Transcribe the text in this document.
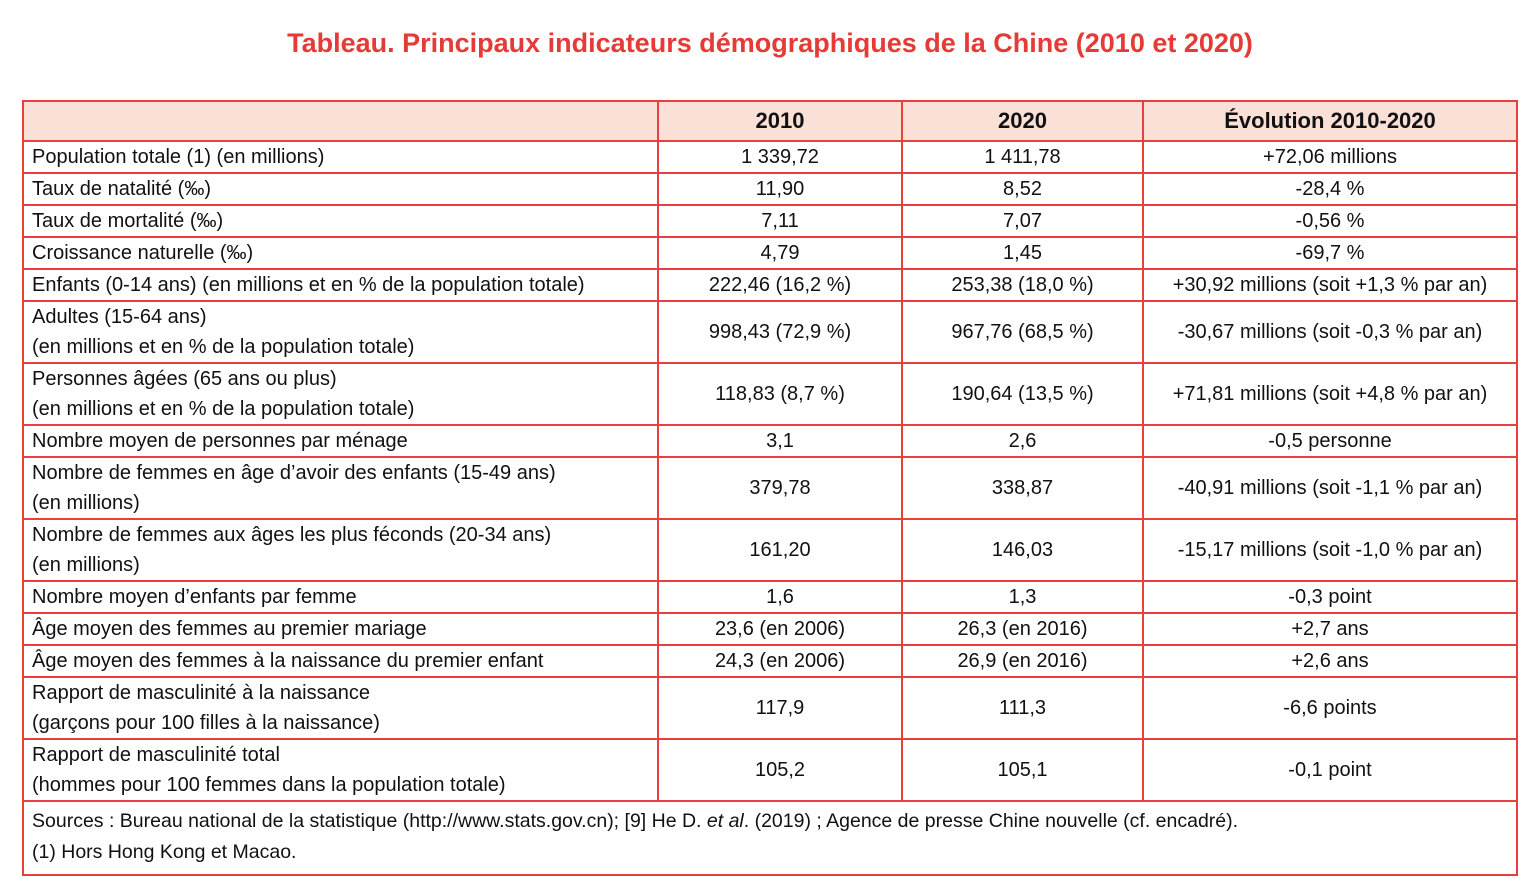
Tableau. Principaux indicateurs démographiques de la Chine (2010 et 2020)
	2010	2020	Évolution 2010-2020

Population totale (1) (en millions)	1 339,72	1 411,78	+72,06 millions

Taux de natalité (‰)	11,90	8,52	-28,4 %

Taux de mortalité (‰)	7,11	7,07	-0,56 %

Croissance naturelle (‰)	4,79	1,45	-69,7 %

Enfants (0-14 ans) (en millions et en % de la population totale)	222,46 (16,2 %)	253,38 (18,0 %)	+30,92 millions (soit +1,3 % par an)

Adultes (15-64 ans)
(en millions et en % de la population totale)	998,43 (72,9 %)	967,76 (68,5 %)	-30,67 millions (soit -0,3 % par an)

Personnes âgées (65 ans ou plus)
(en millions et en % de la population totale)	118,83 (8,7 %)	190,64 (13,5 %)	+71,81 millions (soit +4,8 % par an)

Nombre moyen de personnes par ménage	3,1	2,6	-0,5 personne

Nombre de femmes en âge d’avoir des enfants (15-49 ans)
(en millions)	379,78	338,87	-40,91 millions (soit -1,1 % par an)

Nombre de femmes aux âges les plus féconds (20-34 ans)
(en millions)	161,20	146,03	-15,17 millions (soit -1,0 % par an)

Nombre moyen d’enfants par femme	1,6	1,3	-0,3 point

Âge moyen des femmes au premier mariage	23,6 (en 2006)	26,3 (en 2016)	+2,7 ans

Âge moyen des femmes à la naissance du premier enfant	24,3 (en 2006)	26,9 (en 2016)	+2,6 ans

Rapport de masculinité à la naissance
(garçons pour 100 filles à la naissance)	117,9	111,3	-6,6 points

Rapport de masculinité total
(hommes pour 100 femmes dans la population totale)	105,2	105,1	-0,1 point

Sources : Bureau national de la statistique (http://www.stats.gov.cn); [9] He D. et al. (2019) ; Agence de presse Chine nouvelle (cf. encadré).
(1) Hors Hong Kong et Macao.			
